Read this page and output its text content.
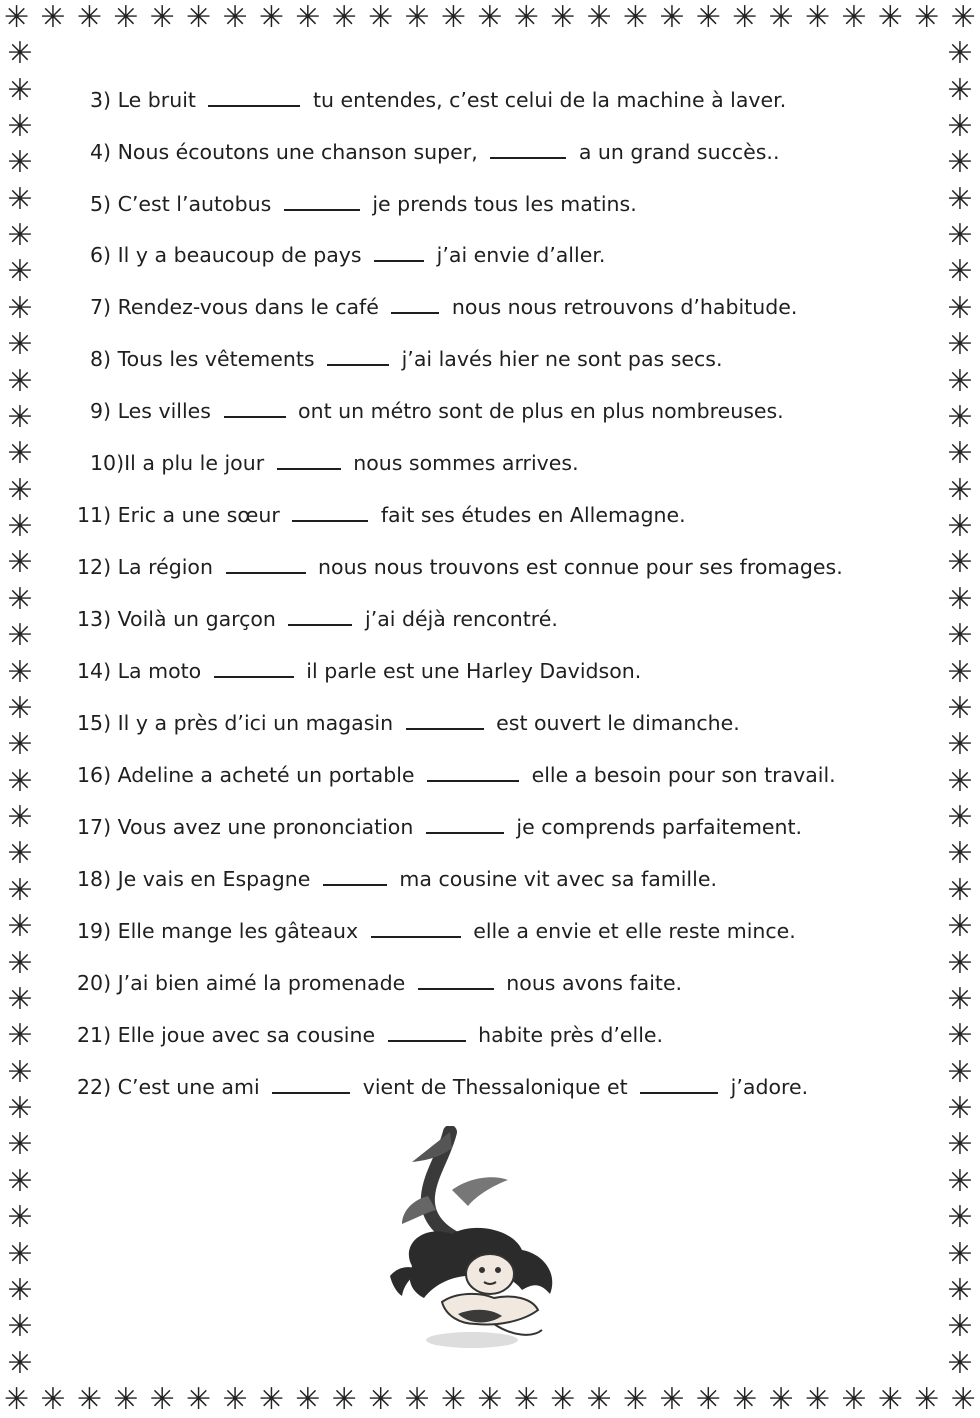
✳ ✳ ✳ ✳ ✳ ✳ ✳ ✳ ✳ ✳ ✳ ✳ ✳ ✳ ✳ ✳ ✳ ✳ ✳ ✳ ✳ ✳ ✳ ✳ ✳ ✳ ✳
✳ ✳ ✳ ✳ ✳ ✳ ✳ ✳ ✳ ✳ ✳ ✳ ✳ ✳ ✳ ✳ ✳ ✳ ✳ ✳ ✳ ✳ ✳ ✳ ✳ ✳ ✳
✳
✳
✳
✳
✳
✳
✳
✳
✳
✳
✳
✳
✳
✳
✳
✳
✳
✳
✳
✳
✳
✳
✳
✳
✳
✳
✳
✳
✳
✳
✳
✳
✳
✳
✳
✳
✳
✳
✳
✳
✳
✳
✳
✳
✳
✳
✳
✳
✳
✳
✳
✳
✳
✳
✳
✳
✳
✳
✳
✳
✳
✳
✳
✳
✳
✳
✳
✳
✳
✳
✳
✳
✳
✳
3) Le bruit	tu entendes, c’est celui de la machine à laver.
4) Nous écoutons une chanson super,	a un grand succès..
5) C’est l’autobus	je prends tous les matins.
6) Il y a beaucoup de pays	j’ai envie d’aller.
7) Rendez-vous dans le café	nous nous retrouvons d’habitude.
8) Tous les vêtements	j’ai lavés hier ne sont pas secs.
9) Les villes	ont un métro sont de plus en plus nombreuses.
10)Il a plu le jour	nous sommes arrives.
11) Eric a une sœur	fait ses études en Allemagne.
12) La région	nous nous trouvons est connue pour ses fromages.
13) Voilà un garçon	j’ai déjà rencontré.
14) La moto	il parle est une Harley Davidson.
15) Il y a près d’ici un magasin	est ouvert le dimanche.
16) Adeline a acheté un portable	elle a besoin pour son travail.
17) Vous avez une prononciation	je comprends parfaitement.
18) Je vais en Espagne	ma cousine vit avec sa famille.
19) Elle mange les gâteaux	elle a envie et elle reste mince.
20) J’ai bien aimé la promenade	nous avons faite.
21) Elle joue avec sa cousine	habite près d’elle.
22) C’est une ami	vient de Thessalonique et	j’adore.
